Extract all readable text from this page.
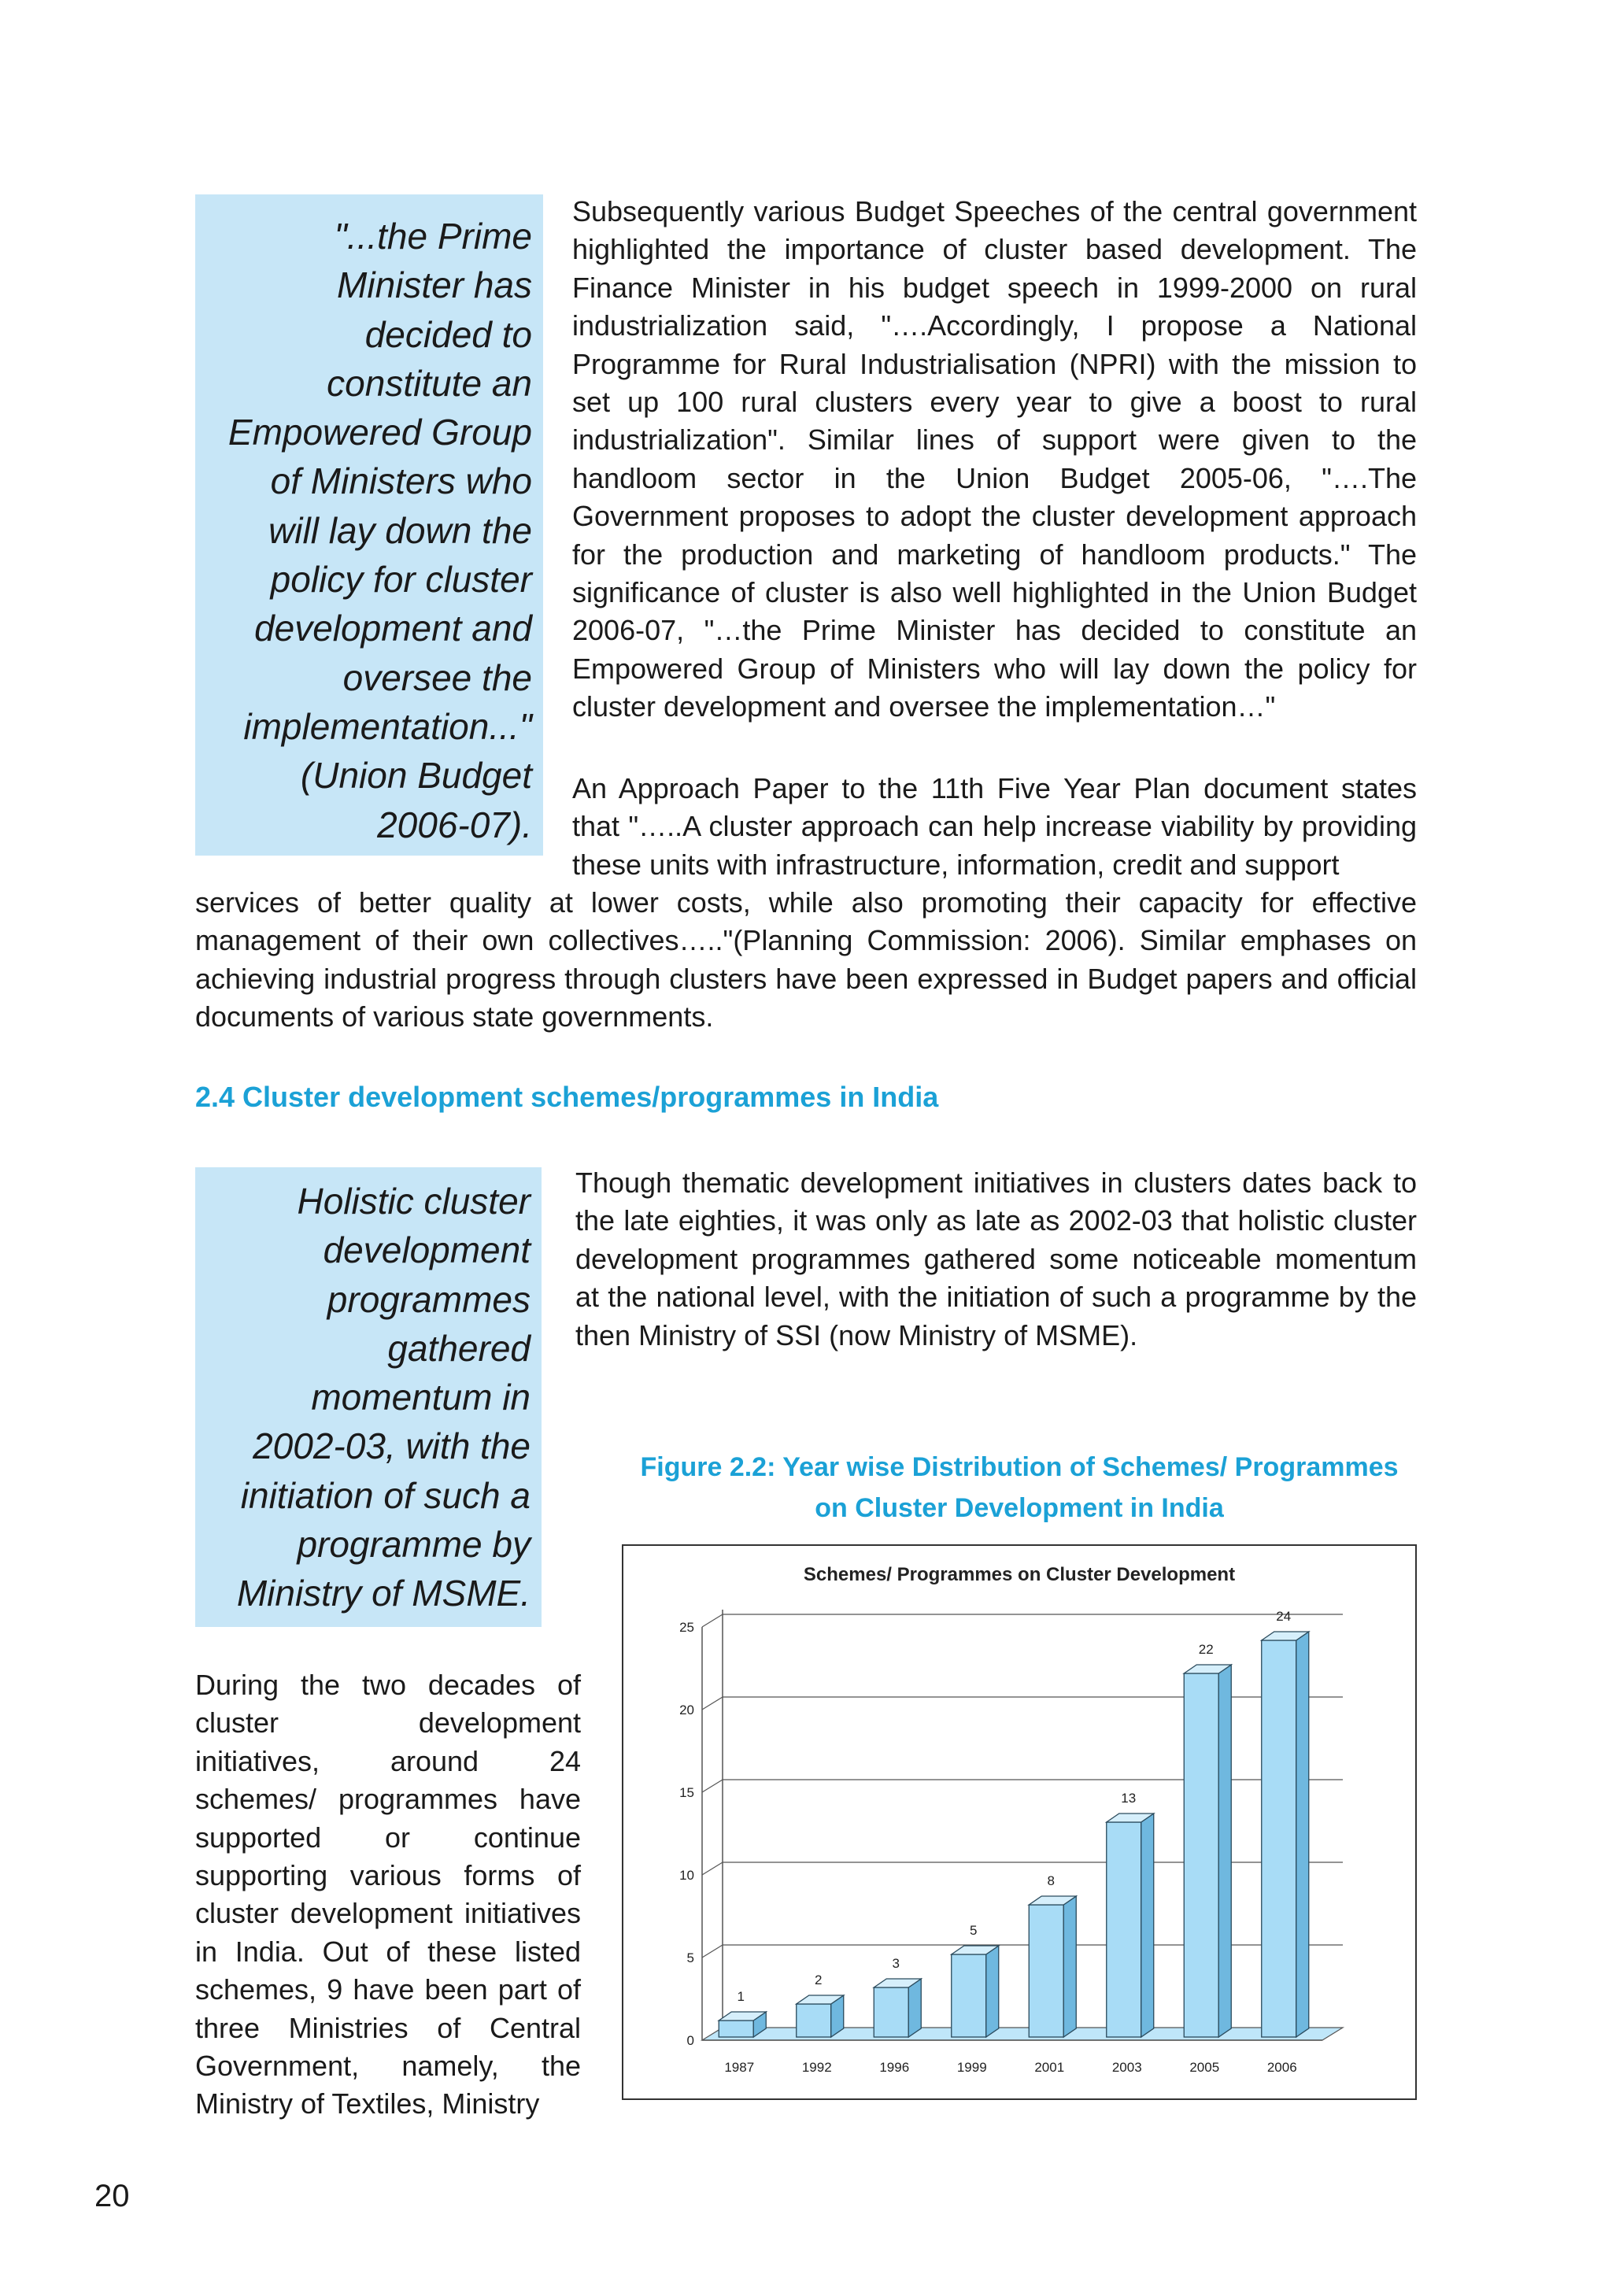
"...the Prime

Minister has

decided to

constitute an

Empowered Group

of Ministers who

will lay down the

policy for cluster

development and

oversee the

implementation..."

(Union Budget

2006-07).

Subsequently various Budget Speeches of the central government highlighted the importance of cluster based development. The Finance Minister in his budget speech in 1999-2000 on rural industrialization said, "….Accordingly, I propose a National Programme for Rural Industrialisation (NPRI) with the mission to set up 100 rural clusters every year to give a boost to rural industrialization". Similar lines of support were given to the handloom sector in the Union Budget 2005-06, "….The Government proposes to adopt the cluster development approach for the production and marketing of handloom products." The significance of cluster is also well highlighted in the Union Budget 2006-07, "…the Prime Minister has decided to constitute an Empowered Group of Ministers who will lay down the policy for cluster development and oversee the implementation…"

An Approach Paper to the 11th Five Year Plan document states that "…..A cluster approach can help increase viability by providing these units with infrastructure, information, credit and support

services of better quality at lower costs, while also promoting their capacity for effective management of their own collectives….."(Planning Commission: 2006). Similar emphases on achieving industrial progress through clusters have been expressed in Budget papers and official documents of various state governments.

2.4 Cluster development schemes/programmes in India

Holistic cluster

development

programmes

gathered

momentum in

2002-03, with the

initiation of such a

programme by

Ministry of MSME.

Though thematic development initiatives in clusters dates back to the late eighties, it was only as late as 2002-03 that holistic cluster development programmes gathered some noticeable momentum at the national level, with the initiation of such a programme by the then Ministry of SSI (now Ministry of MSME).

During the two decades of cluster development initiatives, around 24 schemes/ programmes have supported or continue supporting various forms of cluster development initiatives in India. Out of these listed schemes, 9 have been part of three Ministries of Central Government, namely, the Ministry of Textiles, Ministry

Figure 2.2: Year wise Distribution of Schemes/ Programmes
on Cluster Development in India

Schemes/ Programmes on Cluster Development
0
5
10
15
20
25
1
1987
2
1992
3
1996
5
1999
8
2001
13
2003
22
2005
24
2006

20
